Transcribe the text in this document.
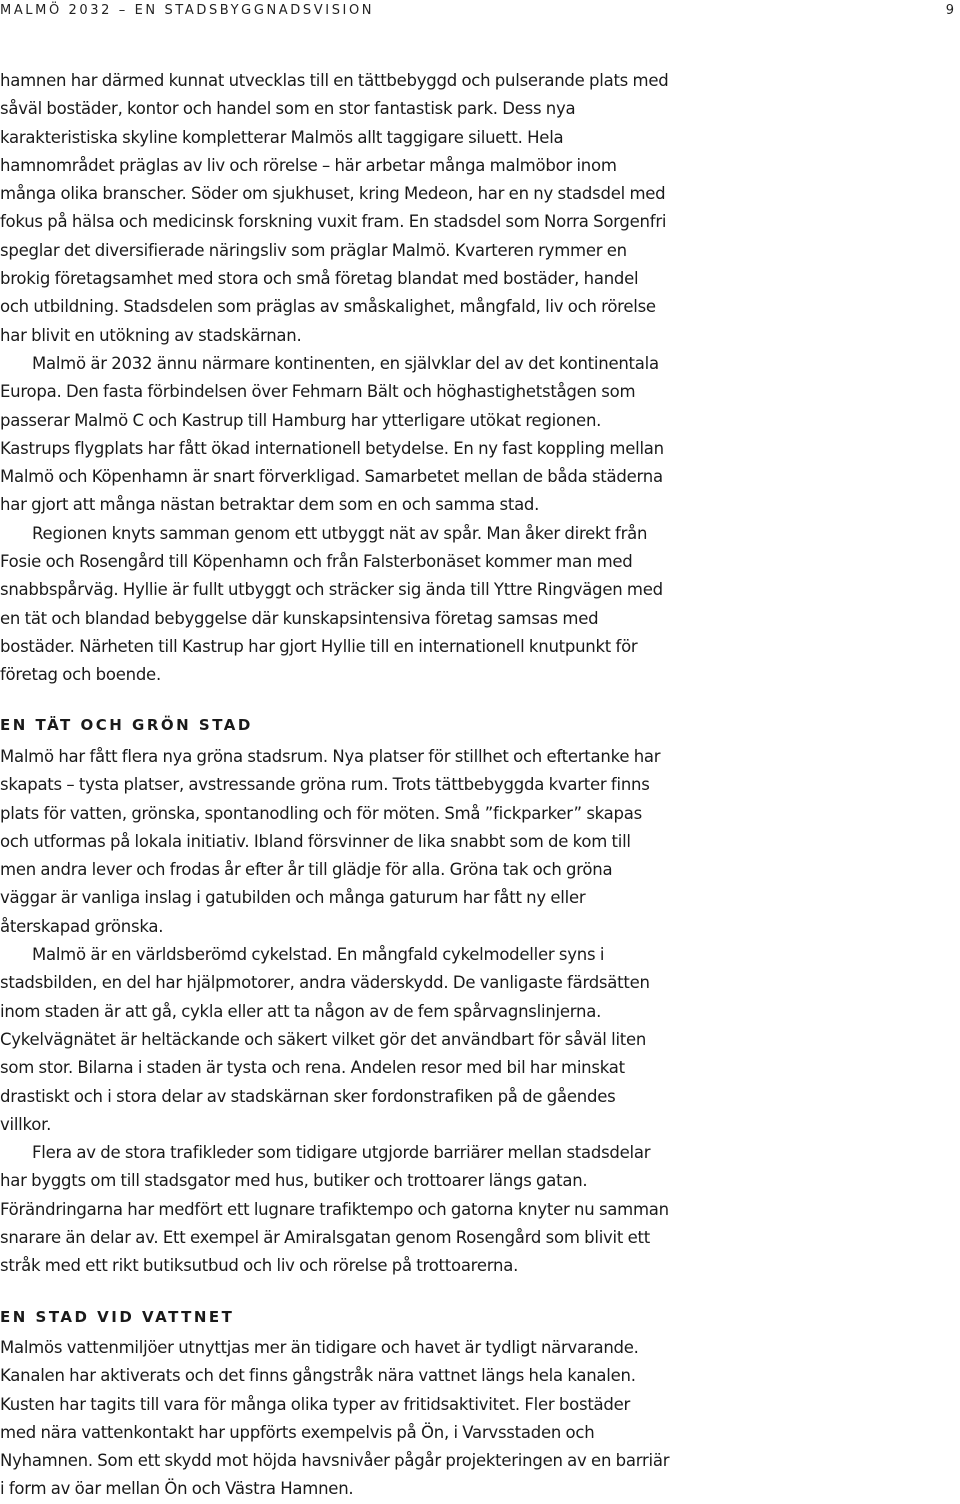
MALMÖ 2032 – EN STADSBYGGNADSVISION	9

hamnen har därmed kunnat utvecklas till en tättbebyggd och pulserande plats med såväl bostäder, kontor och handel som en stor fantastisk park. Dess nya karakteristiska skyline kompletterar Malmös allt taggigare siluett. Hela hamnområdet präglas av liv och rörelse – här arbetar många malmöbor inom många olika branscher. Söder om sjukhuset, kring Medeon, har en ny stadsdel med fokus på hälsa och medicinsk forskning vuxit fram. En stadsdel som Norra Sorgenfri speglar det diversifierade näringsliv som präglar Malmö. Kvarteren rymmer en brokig företagsamhet med stora och små företag blandat med bostäder, handel och utbildning. Stadsdelen som präglas av småskalighet, mångfald, liv och rörelse har blivit en utökning av stadskärnan.

Malmö är 2032 ännu närmare kontinenten, en självklar del av det kontinentala Europa. Den fasta förbindelsen över Fehmarn Bält och höghastighetstågen som passerar Malmö C och Kastrup till Hamburg har ytterligare utökat regionen. Kastrups flygplats har fått ökad internationell betydelse. En ny fast koppling mellan Malmö och Köpenhamn är snart förverkligad. Samarbetet mellan de båda städerna har gjort att många nästan betraktar dem som en och samma stad.

Regionen knyts samman genom ett utbyggt nät av spår. Man åker direkt från Fosie och Rosengård till Köpenhamn och från Falsterbonäset kommer man med snabbspårväg. Hyllie är fullt utbyggt och sträcker sig ända till Yttre Ringvägen med en tät och blandad bebyggelse där kunskapsintensiva företag samsas med bostäder. Närheten till Kastrup har gjort Hyllie till en internationell knutpunkt för företag och boende.

EN TÄT OCH GRÖN STAD

Malmö har fått flera nya gröna stadsrum. Nya platser för stillhet och eftertanke har skapats – tysta platser, avstressande gröna rum. Trots tättbebyggda kvarter finns plats för vatten, grönska, spontanodling och för möten. Små ”fickparker” skapas och utformas på lokala initiativ. Ibland försvinner de lika snabbt som de kom till men andra lever och frodas år efter år till glädje för alla. Gröna tak och gröna väggar är vanliga inslag i gatubilden och många gaturum har fått ny eller återskapad grönska.

Malmö är en världsberömd cykelstad. En mångfald cykelmodeller syns i stadsbilden, en del har hjälpmotorer, andra väderskydd. De vanligaste färdsätten inom staden är att gå, cykla eller att ta någon av de fem spårvagnslinjerna. Cykelvägnätet är heltäckande och säkert vilket gör det användbart för såväl liten som stor. Bilarna i staden är tysta och rena. Andelen resor med bil har minskat drastiskt och i stora delar av stadskärnan sker fordonstrafiken på de gåendes villkor.

Flera av de stora trafikleder som tidigare utgjorde barriärer mellan stadsdelar har byggts om till stadsgator med hus, butiker och trottoarer längs gatan. Förändringarna har medfört ett lugnare trafiktempo och gatorna knyter nu samman snarare än delar av. Ett exempel är Amiralsgatan genom Rosengård som blivit ett stråk med ett rikt butiksutbud och liv och rörelse på trottoarerna.

EN STAD VID VATTNET

Malmös vattenmiljöer utnyttjas mer än tidigare och havet är tydligt närvarande. Kanalen har aktiverats och det finns gångstråk nära vattnet längs hela kanalen. Kusten har tagits till vara för många olika typer av fritidsaktivitet. Fler bostäder med nära vattenkontakt har uppförts exempelvis på Ön, i Varvsstaden och Nyhamnen. Som ett skydd mot höjda havsnivåer pågår projekteringen av en barriär i form av öar mellan Ön och Västra Hamnen.
